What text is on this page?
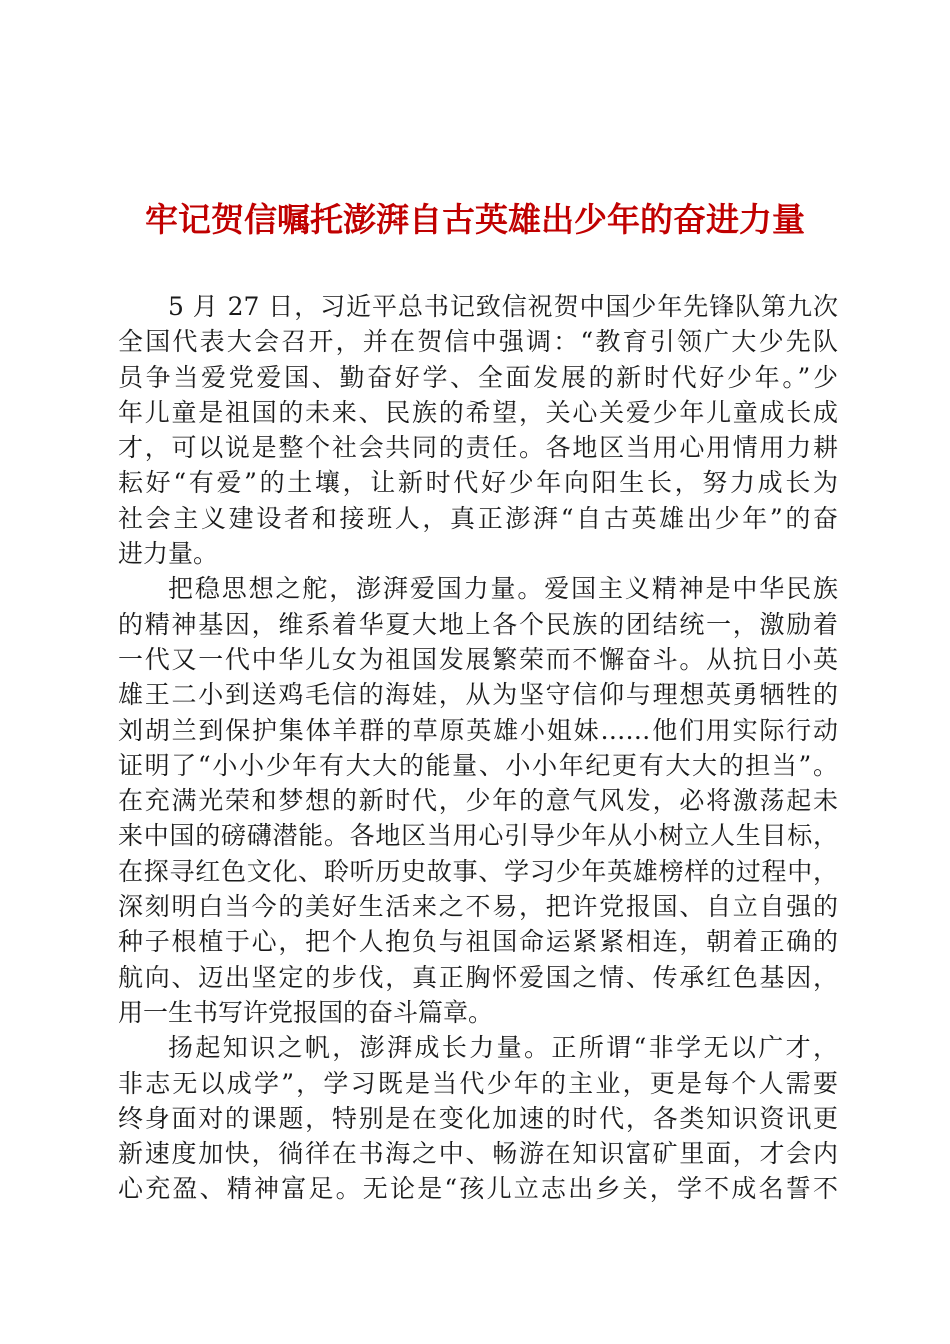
牢记贺信嘱托澎湃自古英雄出少年的奋进力量
5 月 27 日，习近平总书记致信祝贺中国少年先锋队第九次
全国代表大会召开，并在贺信中强调：“教育引领广大少先队
员争当爱党爱国、勤奋好学、全面发展的新时代好少年。”少
年儿童是祖国的未来、民族的希望，关心关爱少年儿童成长成
才，可以说是整个社会共同的责任。各地区当用心用情用力耕
耘好“有爱”的土壤，让新时代好少年向阳生长，努力成长为
社会主义建设者和接班人，真正澎湃“自古英雄出少年”的奋
进力量。
把稳思想之舵，澎湃爱国力量。爱国主义精神是中华民族
的精神基因，维系着华夏大地上各个民族的团结统一，激励着
一代又一代中华儿女为祖国发展繁荣而不懈奋斗。从抗日小英
雄王二小到送鸡毛信的海娃，从为坚守信仰与理想英勇牺牲的
刘胡兰到保护集体羊群的草原英雄小姐妹……他们用实际行动
证明了“小小少年有大大的能量、小小年纪更有大大的担当”。
在充满光荣和梦想的新时代，少年的意气风发，必将激荡起未
来中国的磅礴潜能。各地区当用心引导少年从小树立人生目标，
在探寻红色文化、聆听历史故事、学习少年英雄榜样的过程中，
深刻明白当今的美好生活来之不易，把许党报国、自立自强的
种子根植于心，把个人抱负与祖国命运紧紧相连，朝着正确的
航向、迈出坚定的步伐，真正胸怀爱国之情、传承红色基因，
用一生书写许党报国的奋斗篇章。
扬起知识之帆，澎湃成长力量。正所谓“非学无以广才，
非志无以成学”，学习既是当代少年的主业，更是每个人需要
终身面对的课题，特别是在变化加速的时代，各类知识资讯更
新速度加快，徜徉在书海之中、畅游在知识富矿里面，才会内
心充盈、精神富足。无论是“孩儿立志出乡关，学不成名誓不
